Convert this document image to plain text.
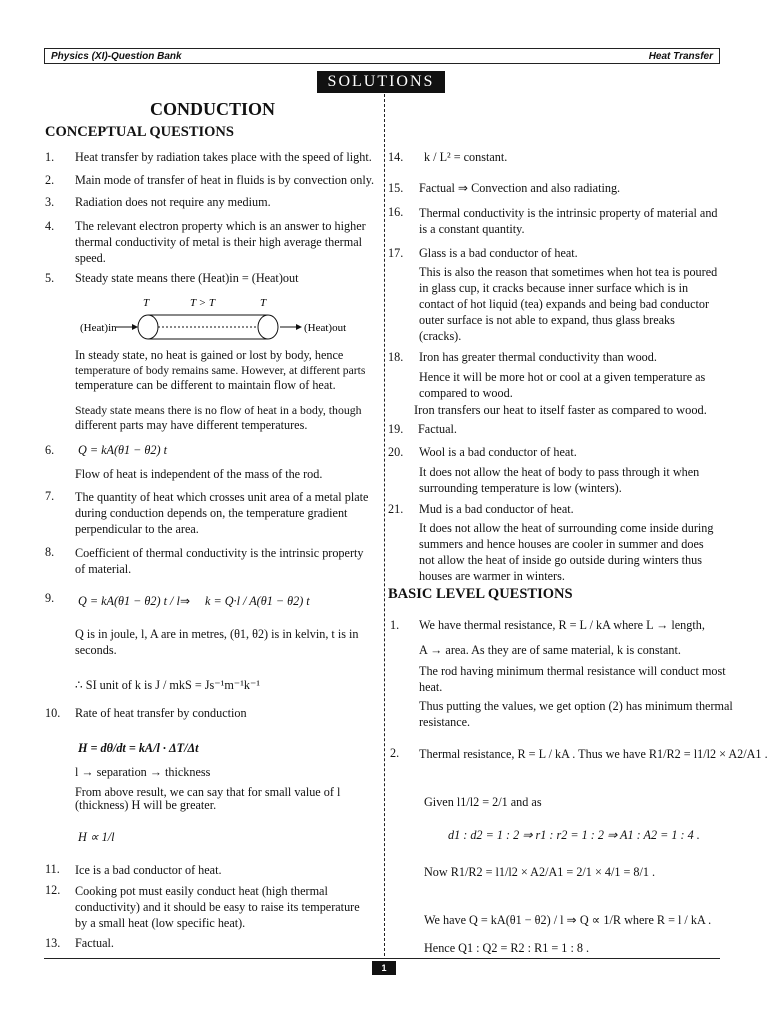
Physics (XI)-Question Bank	Heat Transfer
SOLUTIONS
CONDUCTION
CONCEPTUAL QUESTIONS
1. Heat transfer by radiation takes place with the speed of light.
2. Main mode of transfer of heat in fluids is by convection only.
3. Radiation does not require any medium.
4. The relevant electron property which is an answer to higher
thermal conductivity of metal is their high average thermal
speed.
5. Steady state means there (Heat)in = (Heat)out
T	T > T	T
(Heat)in	(Heat)out
In steady state, no heat is gained or lost by body, hence
temperature of body remains same. However, at different parts
temperature can be different to maintain flow of heat.
Steady state means there is no flow of heat in a body, though
different parts may have different temperatures.
6. Q = kA(θ1 − θ2) t
Flow of heat is independent of the mass of the rod.
7. The quantity of heat which crosses unit area of a metal plate
during conduction depends on, the temperature gradient
perpendicular to the area.
8. Coefficient of thermal conductivity is the intrinsic property
of material.
9. Q = kA(θ1 − θ2) t / l ⇒ k = Q·l / A(θ1 − θ2) t
Q is in joule, l, A are in metres, (θ1, θ2) is in kelvin, t is in
seconds.
∴ SI unit of k is J / mkS = Js⁻¹m⁻¹k⁻¹
10. Rate of heat transfer by conduction
H = dθ/dt = kA/l · ΔT/Δt
l → separation → thickness
From above result, we can say that for small value of l
(thickness) H will be greater.
H ∝ 1/l
11. Ice is a bad conductor of heat.
12. Cooking pot must easily conduct heat (high thermal
conductivity) and it should be easy to raise its temperature
by a small heat (low specific heat).
13. Factual.
14. k / L² = constant.
15. Factual ⇒ Convection and also radiating.
16. Thermal conductivity is the intrinsic property of material and
is a constant quantity.
17. Glass is a bad conductor of heat.
This is also the reason that sometimes when hot tea is poured
in glass cup, it cracks because inner surface which is in
contact of hot liquid (tea) expands and being bad conductor
outer surface is not able to expand, thus glass breaks
(cracks).
18. Iron has greater thermal conductivity than wood.
Hence it will be more hot or cool at a given temperature as
compared to wood.
Iron transfers our heat to itself faster as compared to wood.
19. Factual.
20. Wool is a bad conductor of heat.
It does not allow the heat of body to pass through it when
surrounding temperature is low (winters).
21. Mud is a bad conductor of heat.
It does not allow the heat of surrounding come inside during
summers and hence houses are cooler in summer and does
not allow the heat of inside go outside during winters thus
houses are warmer in winters.
BASIC LEVEL QUESTIONS
1. We have thermal resistance, R = L / kA where L → length,
A → area. As they are of same material, k is constant.
The rod having minimum thermal resistance will conduct most
heat.
Thus putting the values, we get option (2) has minimum thermal
resistance.
2. Thermal resistance, R = L / kA . Thus we have R1/R2 = l1/l2 × A2/A1 .
Given l1/l2 = 2/1 and as
d1 : d2 = 1 : 2 ⇒ r1 : r2 = 1 : 2 ⇒ A1 : A2 = 1 : 4 .
Now R1/R2 = l1/l2 × A2/A1 = 2/1 × 4/1 = 8/1 .
We have Q = kA(θ1 − θ2) / l ⇒ Q ∝ 1/R where R = l / kA .
Hence Q1 : Q2 = R2 : R1 = 1 : 8 .
1
